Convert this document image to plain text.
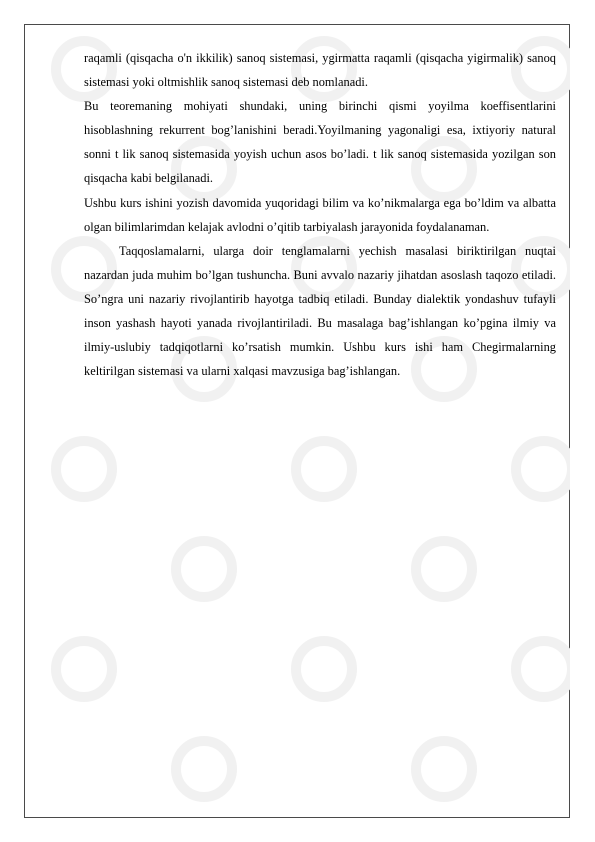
raqamli (qisqacha o'n ikkilik) sanoq sistemasi, ygirmatta raqamli (qisqacha yigirmalik) sanoq sistemasi yoki oltmishlik sanoq sistemasi deb nomlanadi.

Bu teoremaning mohiyati shundaki, uning birinchi qismi yoyilma koeffisentlarini hisoblashning rekurrent bog’lanishini beradi.Yoyilmaning yagonaligi esa, ixtiyoriy natural sonni t lik sanoq sistemasida yoyish uchun asos bo’ladi. t lik sanoq sistemasida yozilgan son qisqacha kabi belgilanadi.

Ushbu kurs ishini yozish davomida yuqoridagi bilim va ko’nikmalarga ega bo’ldim va albatta olgan bilimlarimdan kelajak avlodni o’qitib tarbiyalash jarayonida foydalanaman.

Taqqoslamalarni, ularga doir tenglamalarni yechish masalasi biriktirilgan nuqtai nazardan juda muhim bo’lgan tushuncha. Buni avvalo nazariy jihatdan asoslash taqozo etiladi. So’ngra uni nazariy rivojlantirib hayotga tadbiq etiladi. Bunday dialektik yondashuv tufayli inson yashash hayoti yanada rivojlantiriladi. Bu masalaga bag’ishlangan ko’pgina ilmiy va ilmiy-uslubiy tadqiqotlarni ko’rsatish mumkin. Ushbu kurs ishi ham Chegirmalarning keltirilgan sistemasi va ularni xalqasi mavzusiga bag’ishlangan.
